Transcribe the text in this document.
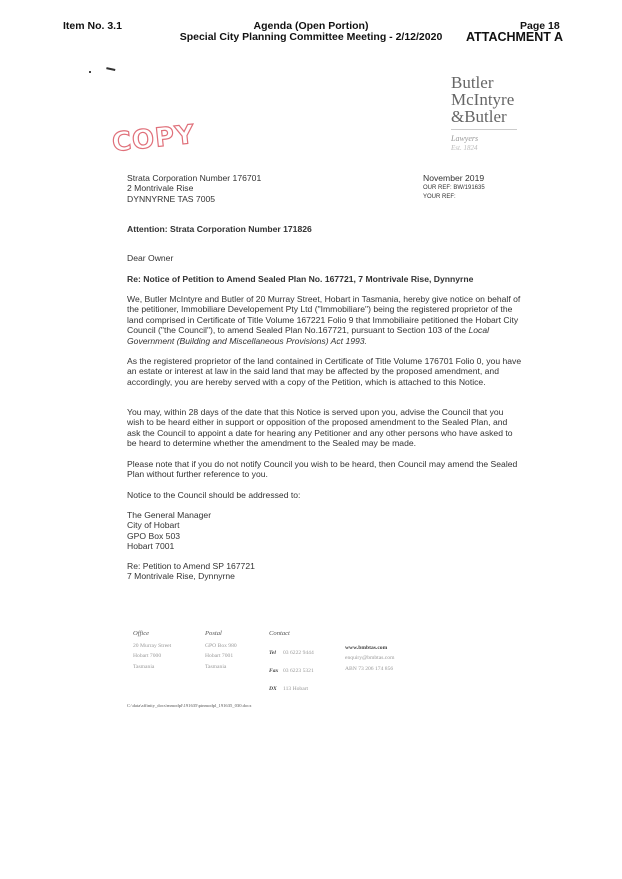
Item No. 3.1	Agenda (Open Portion)
Special City Planning Committee Meeting - 2/12/2020
Page 18
ATTACHMENT A
COPY
Butler
McIntyre
&Butler
Lawyers
Est. 1824
Strata Corporation Number 176701
2 Montrivale Rise
DYNNYRNE TAS 7005
November 2019
OUR REF: BW/191635
YOUR REF:
Attention: Strata Corporation Number 171826
Dear Owner
Re: Notice of Petition to Amend Sealed Plan No. 167721, 7 Montrivale Rise, Dynnyrne

We, Butler McIntyre and Butler of 20 Murray Street, Hobart in Tasmania, hereby give notice on behalf of the petitioner, Immobiliare Developement Pty Ltd ("Immobiliare") being the registered proprietor of the land comprised in Certificate of Title Volume 167221 Folio 9 that Immobiliaire petitioned the Hobart City Council ("the Council"), to amend Sealed Plan No.167721, pursuant to Section 103 of the Local Government (Building and Miscellaneous Provisions) Act 1993.

As the registered proprietor of the land contained in Certificate of Title Volume 176701 Folio 0, you have an estate or interest at law in the said land that may be affected by the proposed amendment, and accordingly, you are hereby served with a copy of the Petition, which is attached to this Notice.

You may, within 28 days of the date that this Notice is served upon you, advise the Council that you wish to be heard either in support or opposition of the proposed amendment to the Sealed Plan, and ask the Council to appoint a date for hearing any Petitioner and any other persons who have asked to be heard to determine whether the amendment to the Sealed may be made.

Please note that if you do not notify Council you wish to be heard, then Council may amend the Sealed Plan without further reference to you.

Notice to the Council should be addressed to:

The General Manager
City of Hobart
GPO Box 503
Hobart 7001
Re: Petition to Amend SP 167721
7 Montrivale Rise, Dynnyrne
Office
20 Murray Street
Hobart 7000
Tasmania
Postal
GPO Box 980
Hobart 7001
Tasmania
Contact
Tel 03 6222 9444
Fax 03 6223 5321
DX 113 Hobart
www.bmbtas.com
enquiry@bmbtas.com
ABN 73 206 174 856
C:\data\affinity_docs\mmodpl\191635\pinmodpl_191635_030.docx
